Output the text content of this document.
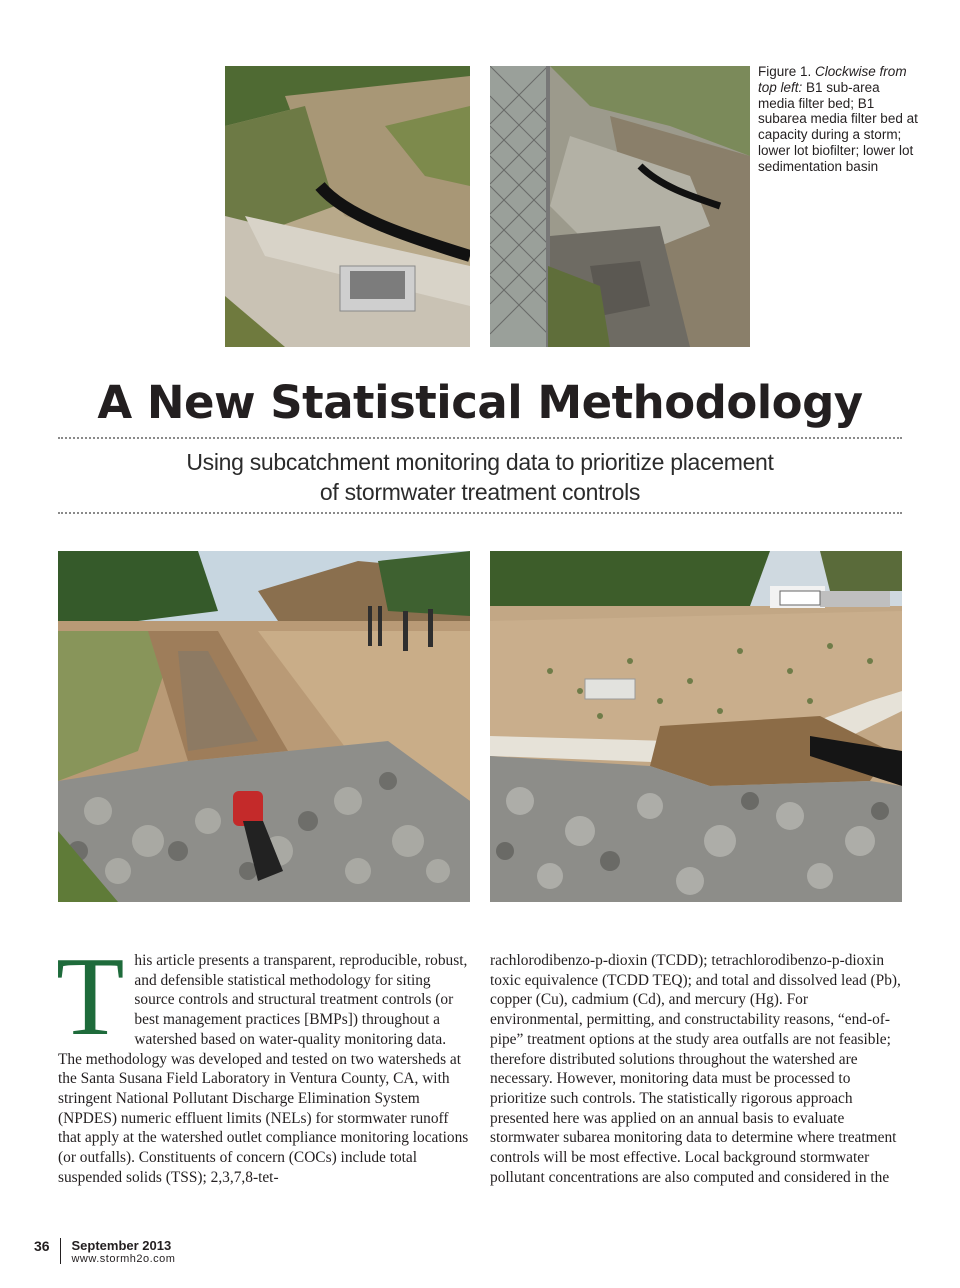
Figure 1. Clockwise from top left: B1 sub-area media filter bed; B1 subarea media filter bed at capacity during a storm; lower lot biofilter; lower lot sedimentation basin
A New Statistical Methodology
Using subcatchment monitoring data to prioritize placement
of stormwater treatment controls
T his article presents a transparent, reproducible, robust, and defensible statistical methodology for siting source controls and structural treatment controls (or best management practices [BMPs]) throughout a watershed based on water-quality monitoring data. The methodology was developed and tested on two watersheds at the Santa Susana Field Laboratory in Ventura County, CA, with stringent National Pollutant Discharge Elimination System (NPDES) numeric effluent limits (NELs) for stormwater runoff that apply at the watershed outlet compliance monitoring locations (or outfalls). Constituents of concern (COCs) include total suspended solids (TSS); 2,3,7,8-tet-
rachlorodibenzo-p-dioxin (TCDD); tetrachlorodibenzo-p-dioxin toxic equivalence (TCDD TEQ); and total and dissolved lead (Pb), copper (Cu), cadmium (Cd), and mercury (Hg). For environmental, permitting, and constructability reasons, “end-of-pipe” treatment options at the study area outfalls are not feasible; therefore distributed solutions throughout the watershed are necessary. However, monitoring data must be processed to prioritize such controls. The statistically rigorous approach presented here was applied on an annual basis to evaluate stormwater subarea monitoring data to determine where treatment controls will be most effective. Local background stormwater pollutant concentrations are also computed and considered in the
36 September 2013
www.stormh2o.com
